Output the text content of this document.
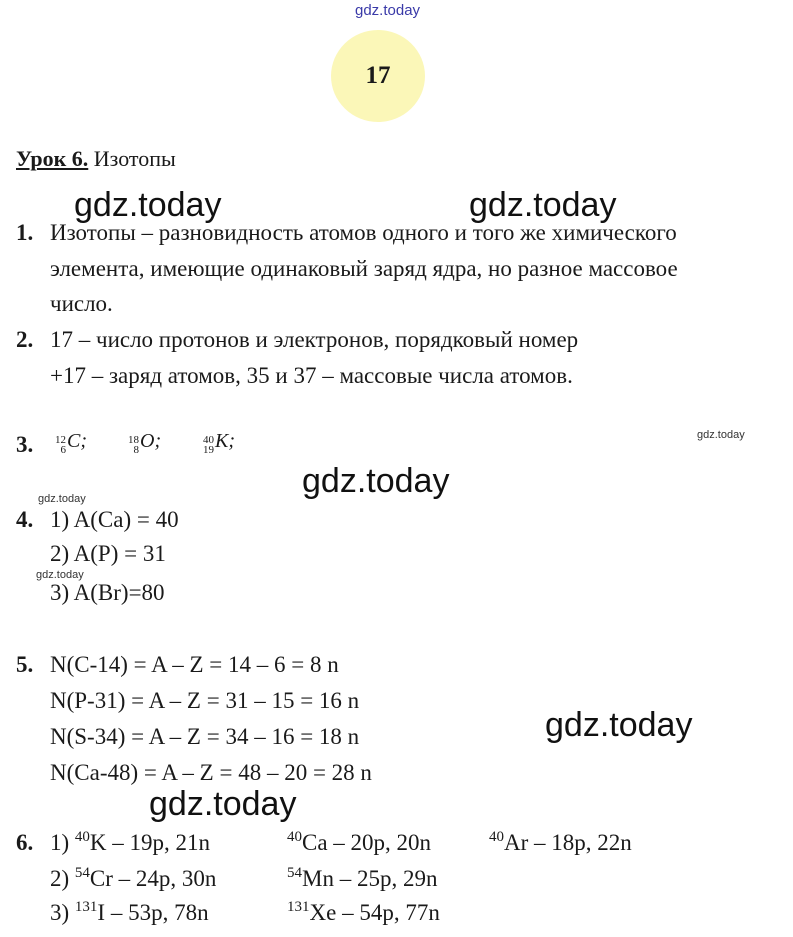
gdz.today
gdz.today	gdz.today
gdz.today
gdz.today
gdz.today
gdz.today
gdz.today
gdz.today
17
Урок 6. Изотопы
1. Изотопы – разновидность атомов одного и того же химического
элемента, имеющие одинаковый заряд ядра, но разное массовое
число.
2. 17 – число протонов и электронов, порядковый номер
+17 – заряд атомов, 35 и 37 – массовые числа атомов.
3. 12
6 C;	18
8 O;	40
19 K;
4. 1) A(Ca) = 40
2) A(P) = 31
3) A(Br)=80
5. N(C-14) = A – Z = 14 – 6 = 8 n
N(P-31) = A – Z = 31 – 15 = 16 n
N(S-34) = A – Z = 34 – 16 = 18 n
N(Ca-48) = A – Z = 48 – 20 = 28 n
6. 1) $^{40}$K – 19p, 21n	$^{40}$Ca – 20p, 20n	$^{40}$Ar – 18p, 22n
2) $^{54}$Cr – 24p, 30n	$^{54}$Mn – 25p, 29n
3) $^{131}$I – 53p, 78n	$^{131}$Xe – 54p, 77n
